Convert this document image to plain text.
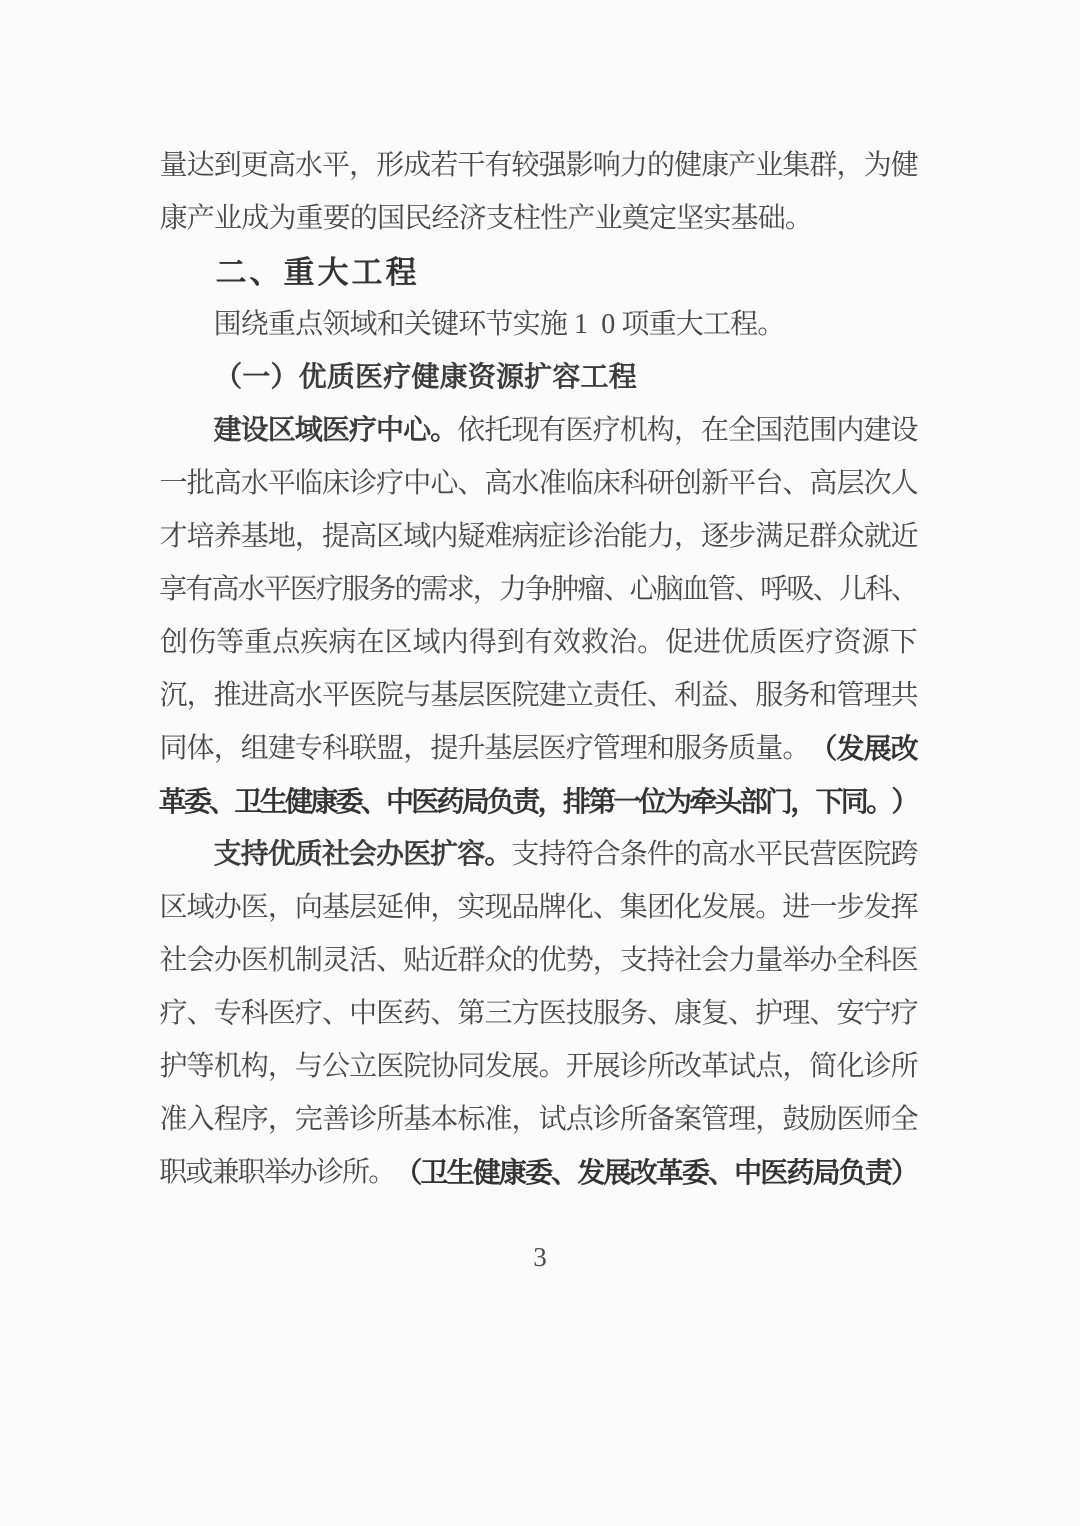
量 达 到 更 高 水 平 ， 形 成 若 干 有 较 强 影 响 力 的 健 康 产 业 集 群 ， 为 健
康 产 业 成 为 重 要 的 国 民 经 济 支 柱 性 产 业 奠 定 坚 实 基 础 。
二 、 重 大 工 程
围 绕 重 点 领 域 和 关 键 环 节 实 施 1 0 项 重 大 工 程 。
（ 一 ） 优 质 医 疗 健 康 资 源 扩 容 工 程
建 设 区 域 医 疗 中 心 。 依 托 现 有 医 疗 机 构 ， 在 全 国 范 围 内 建 设
一 批 高 水 平 临 床 诊 疗 中 心 、 高 水 准 临 床 科 研 创 新 平 台 、 高 层 次 人
才 培 养 基 地 ， 提 高 区 域 内 疑 难 病 症 诊 治 能 力 ， 逐 步 满 足 群 众 就 近
享
有
高
水
平
医
疗
服
务
的
需
求
，
力
争
肿
瘤
、
心
脑
血
管
、
呼
吸
、
儿
科
、
创 伤 等 重 点 疾 病 在 区 域 内 得 到 有 效 救 治 。 促 进 优 质 医 疗 资 源 下
沉 ， 推 进 高 水 平 医 院 与 基 层 医 院 建 立 责 任 、 利 益 、 服 务 和 管 理 共
同 体 ， 组 建 专 科 联 盟 ， 提 升 基 层 医 疗 管 理 和 服 务 质 量 。 （ 发 展 改
革
委
、
卫
生
健
康
委
、
中
医
药
局
负
责
，
排
第
一
位
为
牵
头
部
门
，
下
同
。
）
支 持 优 质 社 会 办 医 扩 容 。 支 持 符 合 条 件 的 高 水 平 民 营 医 院 跨
区 域 办 医 ， 向 基 层 延 伸 ， 实 现 品 牌 化 、 集 团 化 发 展 。 进 一 步 发 挥
社 会 办 医 机 制 灵 活 、 贴 近 群 众 的 优 势 ， 支 持 社 会 力 量 举 办 全 科 医
疗 、 专 科 医 疗 、 中 医 药 、 第 三 方 医 技 服 务 、 康 复 、 护 理 、 安 宁 疗
护 等 机 构 ， 与 公 立 医 院 协 同 发 展 。 开 展 诊 所 改 革 试 点 ， 简 化 诊 所
准 入 程 序 ， 完 善 诊 所 基 本 标 准 ， 试 点 诊 所 备 案 管 理 ， 鼓 励 医 师 全
职
或
兼
职
举
办
诊
所
。
（
卫
生
健
康
委
、
发
展
改
革
委
、
中
医
药
局
负
责
）
3
